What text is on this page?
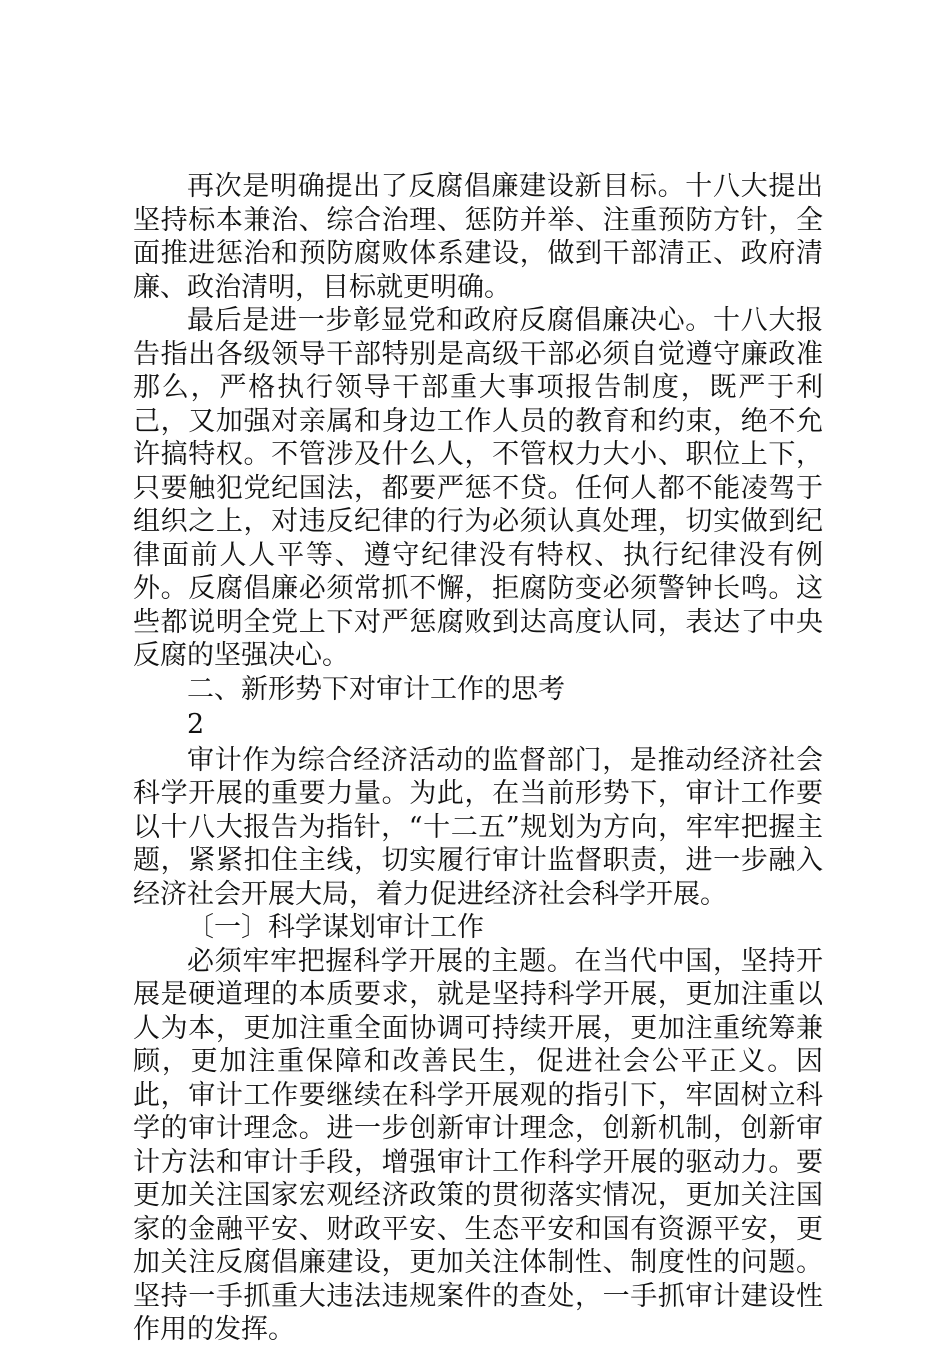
再次是明确提出了反腐倡廉建设新目标。十八大提出坚持标本兼治、综合治理、惩防并举、注重预防方针，全面推进惩治和预防腐败体系建设，做到干部清正、政府清廉、政治清明，目标就更明确。

最后是进一步彰显党和政府反腐倡廉决心。十八大报告指出各级领导干部特别是高级干部必须自觉遵守廉政准那么，严格执行领导干部重大事项报告制度，既严于利己，又加强对亲属和身边工作人员的教育和约束，绝不允许搞特权。不管涉及什么人，不管权力大小、职位上下，只要触犯党纪国法，都要严惩不贷。任何人都不能凌驾于组织之上，对违反纪律的行为必须认真处理，切实做到纪律面前人人平等、遵守纪律没有特权、执行纪律没有例外。反腐倡廉必须常抓不懈，拒腐防变必须警钟长鸣。这些都说明全党上下对严惩腐败到达高度认同，表达了中央反腐的坚强决心。

二、新形势下对审计工作的思考

2

审计作为综合经济活动的监督部门，是推动经济社会科学开展的重要力量。为此，在当前形势下，审计工作要以十八大报告为指针，“十二五”规划为方向，牢牢把握主题，紧紧扣住主线，切实履行审计监督职责，进一步融入经济社会开展大局，着力促进经济社会科学开展。

〔一〕科学谋划审计工作

必须牢牢把握科学开展的主题。在当代中国，坚持开展是硬道理的本质要求，就是坚持科学开展，更加注重以人为本，更加注重全面协调可持续开展，更加注重统筹兼顾，更加注重保障和改善民生，促进社会公平正义。因此，审计工作要继续在科学开展观的指引下，牢固树立科学的审计理念。进一步创新审计理念，创新机制，创新审计方法和审计手段，增强审计工作科学开展的驱动力。要更加关注国家宏观经济政策的贯彻落实情况，更加关注国家的金融平安、财政平安、生态平安和国有资源平安，更加关注反腐倡廉建设，更加关注体制性、制度性的问题。坚持一手抓重大违法违规案件的查处，一手抓审计建设性作用的发挥。
